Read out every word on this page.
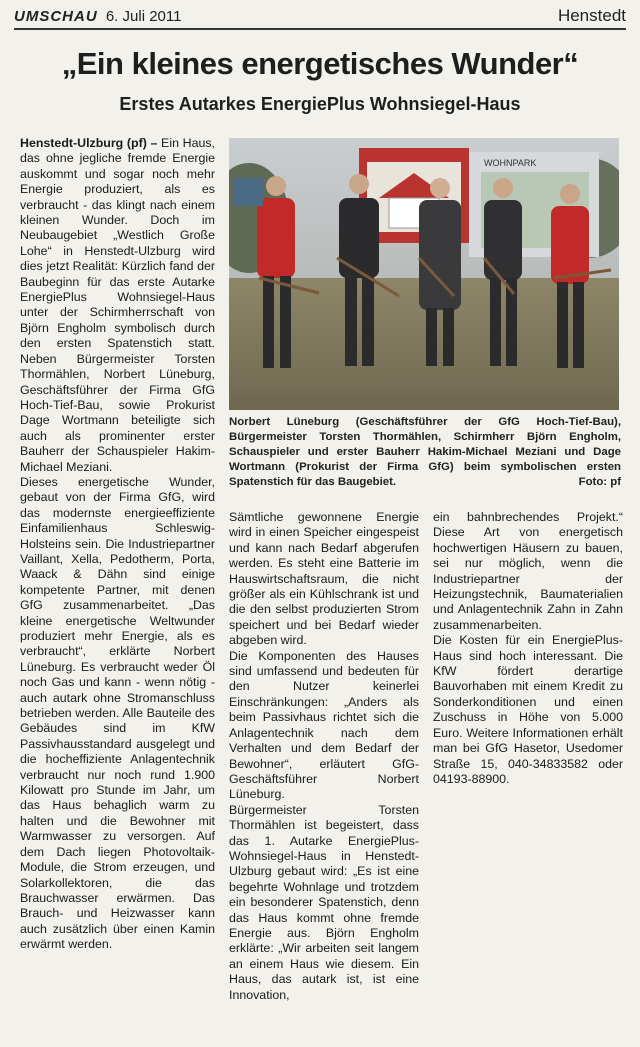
UMSCHAU 6. Juli 2011	Henstedt
„Ein kleines energetisches Wunder“
Erstes Autarkes EnergiePlus Wohnsiegel-Haus

Henstedt-Ulzburg (pf) – Ein Haus, das ohne jegliche fremde Energie auskommt und sogar noch mehr Energie produziert, als es verbraucht - das klingt nach einem kleinen Wunder. Doch im Neubaugebiet „Westlich Große Lohe“ in Henstedt-Ulzburg wird dies jetzt Realität: Kürzlich fand der Baubeginn für das erste Autarke EnergiePlus Wohnsiegel-Haus unter der Schirmherrschaft von Björn Engholm symbolisch durch den ersten Spatenstich statt. Neben Bürgermeister Torsten Thormählen, Norbert Lüneburg, Geschäftsführer der Firma GfG Hoch-Tief-Bau, sowie Prokurist Dage Wortmann beteiligte sich auch als prominenter erster Bauherr der Schauspieler Hakim-Michael Meziani.

Dieses energetische Wunder, gebaut von der Firma GfG, wird das modernste energieeffiziente Einfamilienhaus Schleswig-Holsteins sein. Die Industriepartner Vaillant, Xella, Pedotherm, Porta, Waack & Dähn sind einige kompetente Partner, mit denen GfG zusammenarbeitet. „Das kleine energetische Weltwunder produziert mehr Energie, als es verbraucht“, erklärte Norbert Lüneburg. Es verbraucht weder Öl noch Gas und kann - wenn nötig - auch autark ohne Stromanschluss betrieben werden. Alle Bauteile des Gebäudes sind im KfW Passivhausstandard ausgelegt und die hocheffiziente Anlagentechnik verbraucht nur noch rund 1.900 Kilowatt pro Stunde im Jahr, um das Haus behaglich warm zu halten und die Bewohner mit Warmwasser zu versorgen. Auf dem Dach liegen Photovoltaik-Module, die Strom erzeugen, und Solarkollektoren, die das Brauchwasser erwärmen. Das Brauch- und Heizwasser kann auch zusätzlich über einen Kamin erwärmt werden.

WOHNPARK
Norbert Lüneburg (Geschäftsführer der GfG Hoch-Tief-Bau), Bürgermeister Torsten Thormählen, Schirmherr Björn Engholm, Schauspieler und erster Bauherr Hakim-Michael Meziani und Dage Wortmann (Prokurist der Firma GfG) beim symbolischen ersten Spatenstich für das Baugebiet.	Foto: pf

Sämtliche gewonnene Energie wird in einen Speicher eingespeist und kann nach Bedarf abgerufen werden. Es steht eine Batterie im Hauswirtschaftsraum, die nicht größer als ein Kühlschrank ist und die den selbst produzierten Strom speichert und bei Bedarf wieder abgeben wird.

Die Komponenten des Hauses sind umfassend und bedeuten für den Nutzer keinerlei Einschränkungen: „Anders als beim Passivhaus richtet sich die Anlagentechnik nach dem Verhalten und dem Bedarf der Bewohner“, erläutert GfG-Geschäftsführer Norbert Lüneburg.

Bürgermeister Torsten Thormählen ist begeistert, dass das 1. Autarke EnergiePlus-Wohnsiegel-Haus in Henstedt-Ulzburg gebaut wird: „Es ist eine begehrte Wohnlage und trotzdem ein besonderer Spatenstich, denn das Haus kommt ohne fremde Energie aus. Björn Engholm erklärte: „Wir arbeiten seit langem an einem Haus wie diesem. Ein Haus, das autark ist, ist eine Innovation,

ein bahnbrechendes Projekt.“ Diese Art von energetisch hochwertigen Häusern zu bauen, sei nur möglich, wenn die Industriepartner der Heizungstechnik, Baumaterialien und Anlagentechnik Zahn in Zahn zusammenarbeiten.

Die Kosten für ein EnergiePlus-Haus sind hoch interessant. Die KfW fördert derartige Bauvorhaben mit einem Kredit zu Sonderkonditionen und einen Zuschuss in Höhe von 5.000 Euro. Weitere Informationen erhält man bei GfG Hasetor, Usedomer Straße 15, 040-34833582 oder 04193-88900.
